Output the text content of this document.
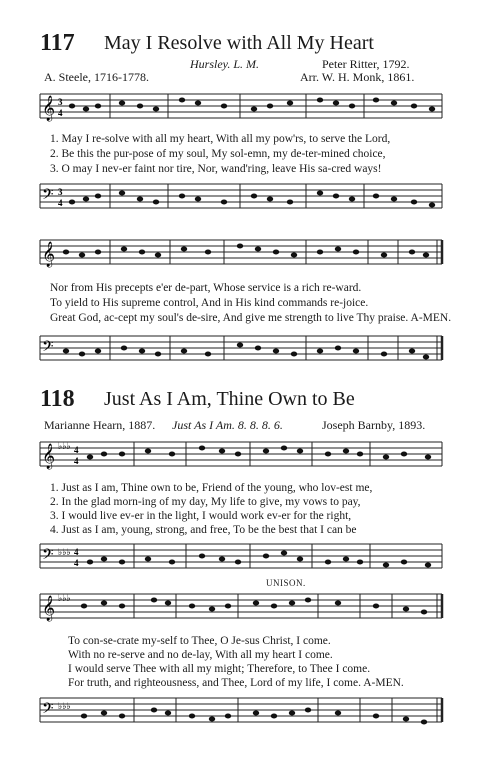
117 May I Resolve with All My Heart
Hursley. L. M.	Peter Ritter, 1792.
A. Steele, 1716-1778.	Arr. W. H. Monk, 1861.
𝄞 3
4
1. May I re-solve with all my heart, With all my pow'rs, to serve the Lord,
2. Be this the pur-pose of my soul, My sol-emn, my de-ter-mined choice,
3. O may I nev-er faint nor tire, Nor, wand'ring, leave His sa-cred ways!
𝄢 3
4
𝄞
Nor from His precepts e'er de-part, Whose service is a rich re-ward.
To yield to His supreme control, And in His kind commands re-joice.
Great God, ac-cept my soul's de-sire, And give me strength to live Thy praise. A-MEN.
𝄢
118 Just As I Am, Thine Own to Be
Marianne Hearn, 1887. Just As I Am. 8. 8. 8. 6.	Joseph Barnby, 1893.
𝄞 ♭♭♭ 4
4
1. Just as I am, Thine own to be, Friend of the young, who lov-est me,
2. In the glad morn-ing of my day, My life to give, my vows to pay,
3. I would live ev-er in the light, I would work ev-er for the right,
4. Just as I am, young, strong, and free, To be the best that I can be
𝄢 ♭♭♭ 4
4
UNISON.
𝄞 ♭♭♭
To con-se-crate my-self to Thee, O Je-sus Christ, I come.
With no re-serve and no de-lay, With all my heart I come.
I would serve Thee with all my might; Therefore, to Thee I come.
For truth, and righteousness, and Thee, Lord of my life, I come. A-MEN.
𝄢 ♭♭♭
